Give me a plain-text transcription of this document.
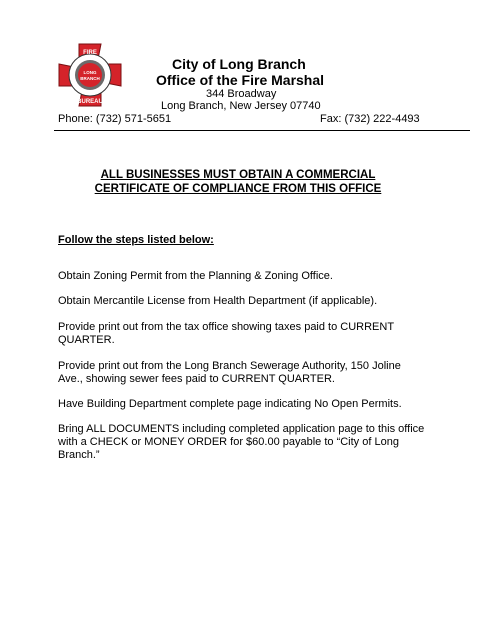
FIRE
LONG
BRANCH
BUREAU
City of Long Branch
Office of the Fire Marshal
344 Broadway
Long Branch, New Jersey 07740
Phone: (732) 571-5651	Fax: (732) 222-4493
ALL BUSINESSES MUST OBTAIN A COMMERCIAL
CERTIFICATE OF COMPLIANCE FROM THIS OFFICE
Follow the steps listed below:
Obtain Zoning Permit from the Planning & Zoning Office.
Obtain Mercantile License from Health Department (if applicable).
Provide print out from the tax office showing taxes paid to CURRENT
QUARTER.
Provide print out from the Long Branch Sewerage Authority, 150 Joline
Ave., showing sewer fees paid to CURRENT QUARTER.
Have Building Department complete page indicating No Open Permits.
Bring ALL DOCUMENTS including completed application page to this office
with a CHECK or MONEY ORDER for $60.00 payable to “City of Long
Branch.”
